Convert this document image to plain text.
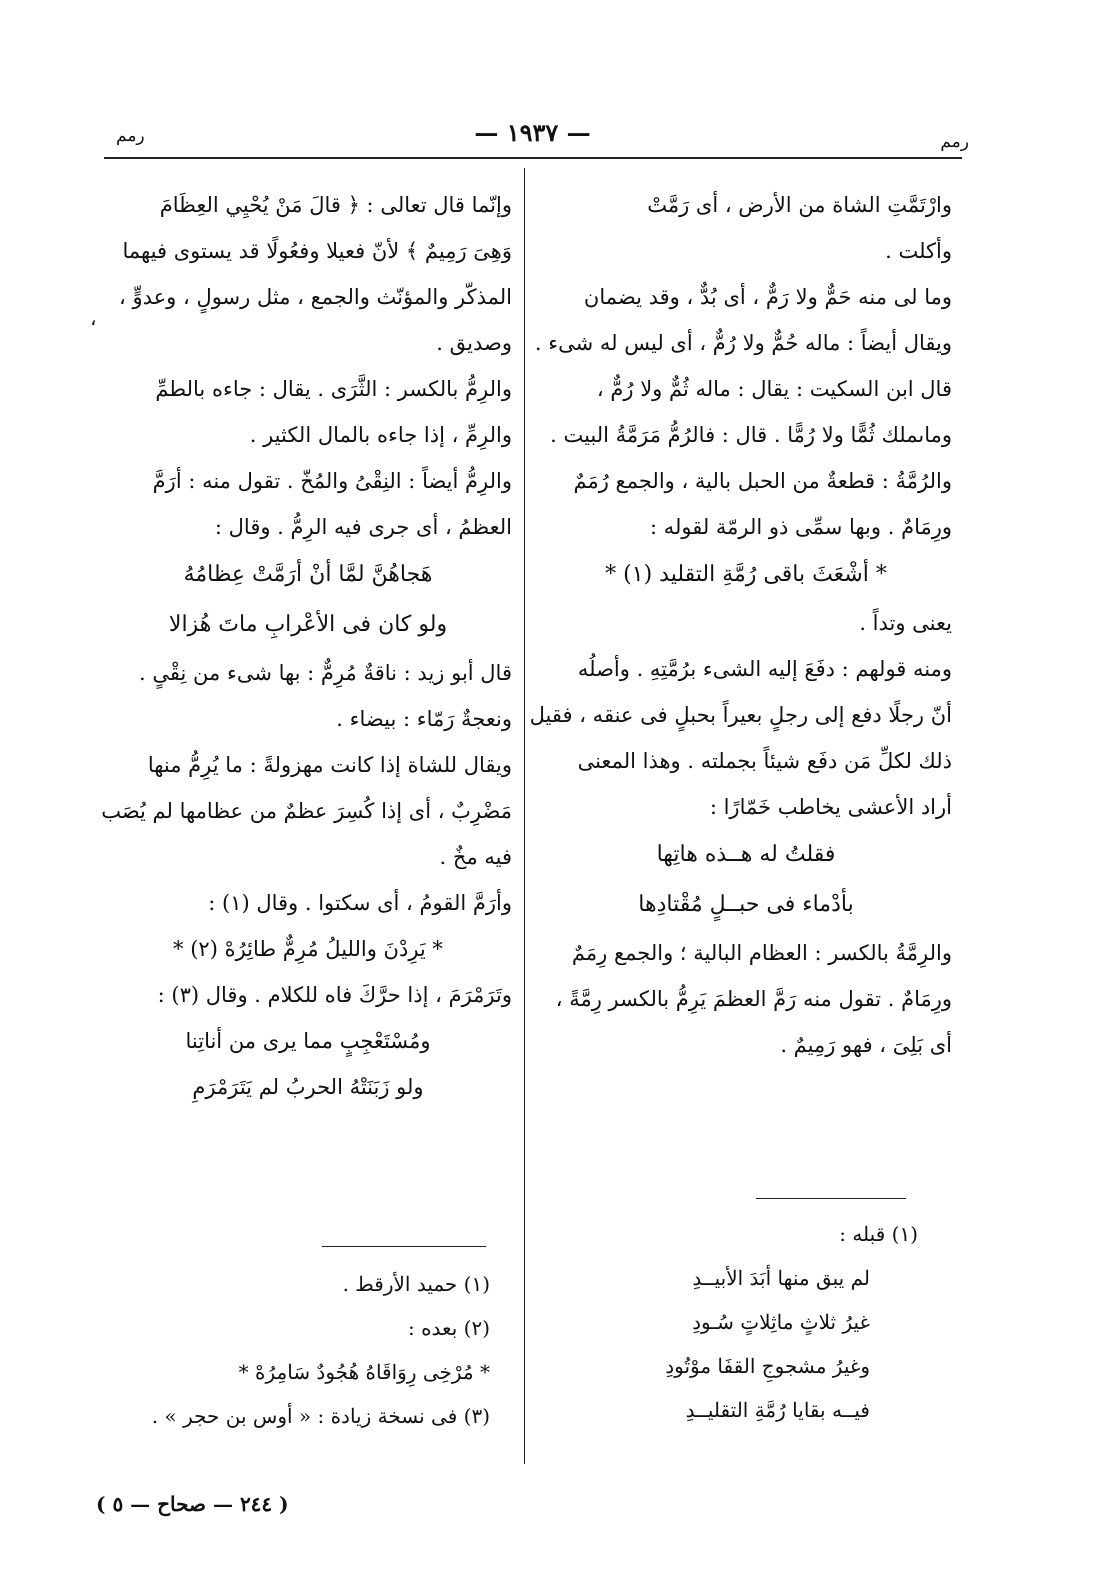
رمم	— ١٩٣٧ —	رمم
وارْتَمَّتِ الشاة من الأرض ، أى رَمَّتْ
وأكلت .
وما لى منه حَمٌّ ولا رَمٌّ ، أى بُدٌّ ، وقد يضمان
ويقال أيضاً : ماله حُمٌّ ولا رُمٌّ ، أى ليس له شىء .
قال ابن السكيت : يقال : ماله ثُمٌّ ولا رُمٌّ ،
وماىملك ثُمًّا ولا رُمًّا . قال : فالرُمُّ مَرَمَّةُ البيت .
والرُمَّةُ : قطعةٌ من الحبل بالية ، والجمع رُمَمٌ
ورِمَامٌ . وبها سمِّى ذو الرمّة لقوله :
* أشْعَثَ باقى رُمَّةِ التقليد (١) *
يعنى وتداً .
ومنه قولهم : دفَعَ إليه الشىء برُمَّتِهِ . وأصلُه
أنّ رجلًا دفع إلى رجلٍ بعيراً بحبلٍ فى عنقه ، فقيل
ذلك لكلِّ مَن دفَع شيئاً بجملته . وهذا المعنى
أراد الأعشى يخاطب خَمّارًا :
فقلتُ له هــذه هاتِها
بأدْماء فى حبــلٍ مُقْتادِها
والرِمَّةُ بالكسر : العظام البالية ؛ والجمع رِمَمٌ
ورِمَامٌ . تقول منه رَمَّ العظمَ يَرِمُّ بالكسر رِمَّةً ،
أى بَلِىَ ، فهو رَمِيمٌ .
وإنّما قال تعالى : ﴿ قالَ مَنْ يُحْيِي العِظَامَ
وَهِىَ رَمِيمٌ ﴾ لأنّ فعيلا وفعُولًا قد يستوى فيهما
المذكّر والمؤنّث والجمع ، مثل رسولٍ ، وعدوٍّ ،
وصديق .
والرِمُّ بالكسر : الثَّرَى . يقال : جاءه بالطمِّ
والرِمِّ ، إذا جاءه بالمال الكثير .
والرِمُّ أيضاً : النِقْىُ والمُخّ . تقول منه : أرَمَّ
العظمُ ، أى جرى فيه الرِمُّ . وقال :
هَجاهُنَّ لمَّا أنْ أرَمَّتْ عِظامُهُ
ولو كان فى الأعْرابِ ماتَ هُزالا
قال أبو زيد : ناقةٌ مُرِمٌّ : بها شىء من نِقْىٍ .
ونعجةٌ رَمّاء : بيضاء .
ويقال للشاة إذا كانت مهزولةً : ما يُرِمُّ منها
مَضْرِبٌ ، أى إذا كُسِرَ عظمٌ من عظامها لم يُصَب
فيه مخٌ .
وأرَمَّ القومُ ، أى سكتوا . وقال (١) :
* يَرِدْنَ والليلُ مُرِمٌّ طائِرُهْ (٢) *
وتَرَمْرَمَ ، إذا حرَّكَ فاه للكلام . وقال (٣) :
ومُسْتَعْجِبٍ مما يرى من أناتِنا
ولو زَبَنَتْهُ الحربُ لم يَتَرَمْرَمِ
(١) قبله :
لم يبق منها أبَدَ الأبيــدِ
غيرُ ثلاثٍ ماثِلاتٍ سُـودِ
وغيرُ مشجوجِ القفَا موْتُودِ
فيــه بقايا رُمَّةِ التقليــدِ
(١) حميد الأرقط .
(٢) بعده :
* مُرْخِى رِوَاقَاهُ هُجُودٌ سَامِرُهْ *
(٣) فى نسخة زيادة : « أوس بن حجر » .
،
( ٢٤٤ — صحاح — ٥ )
